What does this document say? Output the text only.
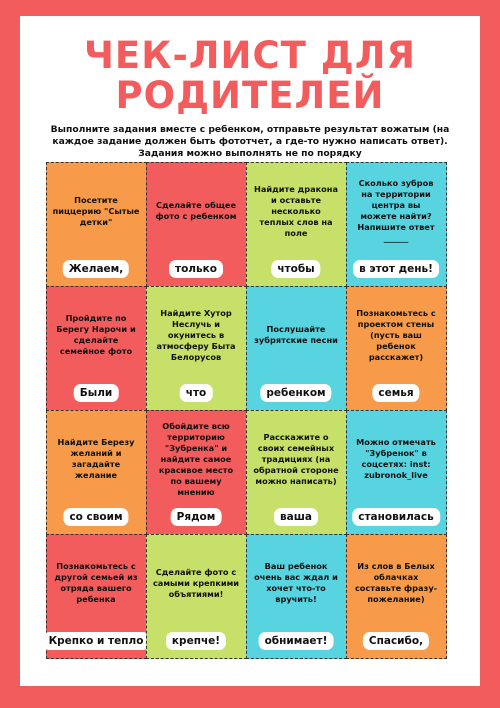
ЧЕК-ЛИСТ ДЛЯ
РОДИТЕЛЕЙ
Выполните задания вместе с ребенком, отправьте результат вожатым (на каждое задание должен быть фототчет, а где-то нужно написать ответ). Задания можно выполнять не по порядку
Посетите пиццерию "Сытые детки"
Желаем,
Сделайте общее фото с ребенком
только
Найдите дракона и оставьте несколько теплых слов на поле
чтобы
Сколько зубров на территории центра вы можете найти? Напишите ответ ______
в этот день!
Пройдите по Берегу Нарочи и сделайте семейное фото
Были
Найдите Хутор Неслучь и окунитесь в атмосферу Быта Белорусов
что
Послушайте зубрятские песни
ребенком
Познакомьтесь с проектом стены (пусть ваш ребенок расскажет)
семья
Найдите Березу желаний и загадайте желание
со своим
Обойдите всю территорию "Зубренка" и найдите самое красивое место по вашему мнению
Рядом
Расскажите о своих семейных традициях (на обратной стороне можно написать)
ваша
Можно отмечать "Зубренок" в соцсетях: inst: zubronok_live
становилась
Познакомьтесь с другой семьей из отряда вашего ребенка
Крепко и тепло
Сделайте фото с самыми крепкими объятиями!
крепче!
Ваш ребенок очень вас ждал и хочет что-то вручить!
обнимает!
Из слов в Белых облачках составьте фразу-пожелание)
Спасибо,
